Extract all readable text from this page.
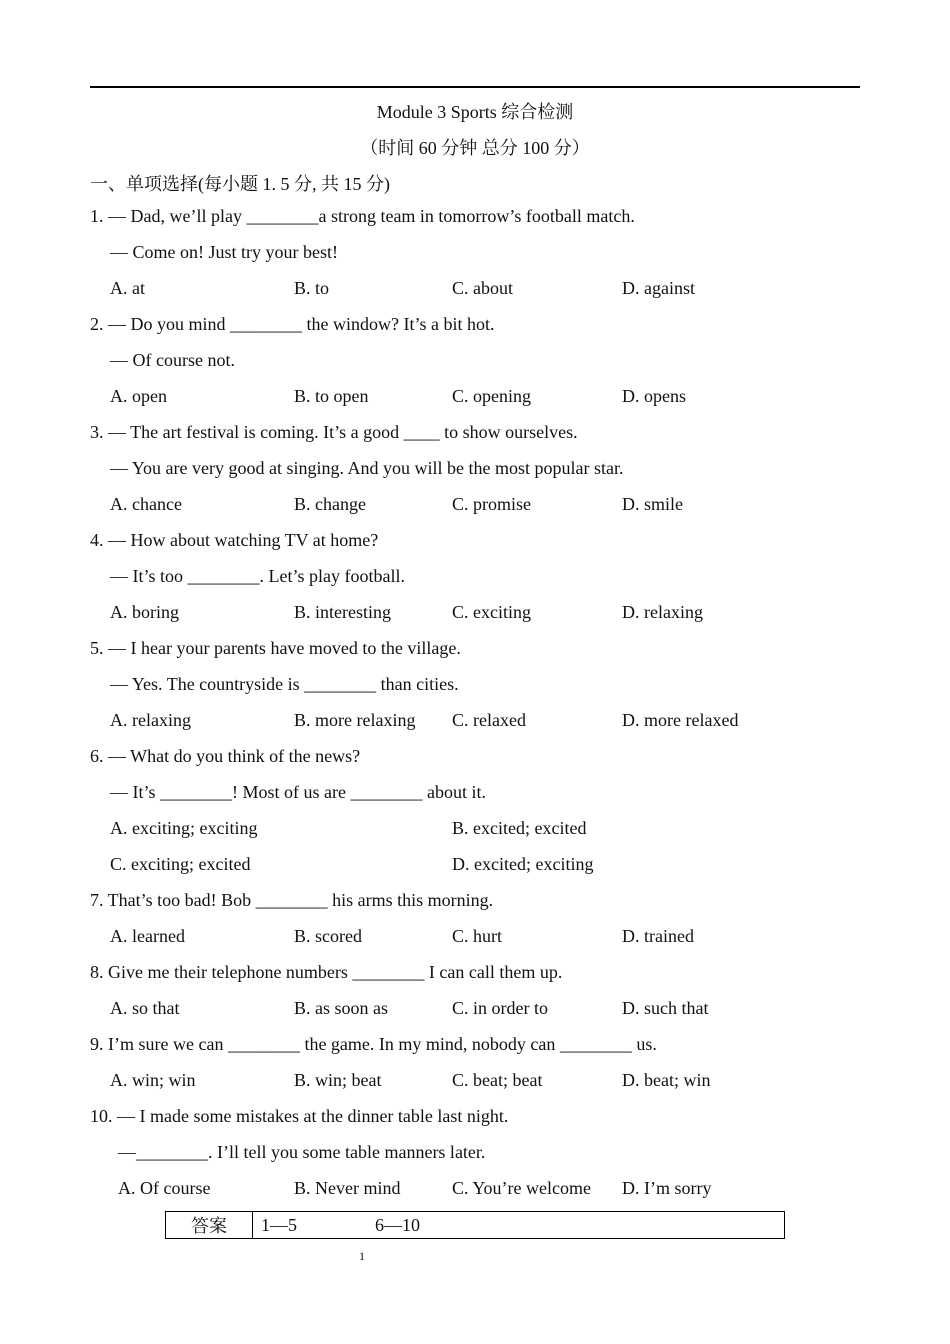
Module 3 Sports 综合检测
（时间 60 分钟 总分 100 分）
一、单项选择(每小题 1. 5 分, 共 15 分)
1. — Dad, we’ll play ________a strong team in tomorrow’s football match.
— Come on! Just try your best!
A. at	B. to	C. about	D. against
2. — Do you mind ________ the window? It’s a bit hot.
— Of course not.
A. open	B. to open	C. opening	D. opens
3. — The art festival is coming. It’s a good ____ to show ourselves.
— You are very good at singing. And you will be the most popular star.
A. chance	B. change	C. promise	D. smile
4. — How about watching TV at home?
— It’s too ________. Let’s play football.
A. boring	B. interesting	C. exciting	D. relaxing
5. — I hear your parents have moved to the village.
— Yes. The countryside is ________ than cities.
A. relaxing	B. more relaxing C. relaxed	D. more relaxed
6. — What do you think of the news?
— It’s ________! Most of us are ________ about it.
A. exciting; exciting	B. excited; excited
C. exciting; excited	D. excited; exciting
7. That’s too bad! Bob ________ his arms this morning.
A. learned	B. scored	C. hurt	D. trained
8. Give me their telephone numbers ________ I can call them up.
A. so that	B. as soon as	C. in order to	D. such that
9. I’m sure we can ________ the game. In my mind, nobody can ________ us.
A. win; win	B. win; beat	C. beat; beat	D. beat; win
10. — I made some mistakes at the dinner table last night.
—________. I’ll tell you some table manners later.
A. Of course	B. Never mind	C. You’re welcome D. I’m sorry
答案	1—5	6—10
1
